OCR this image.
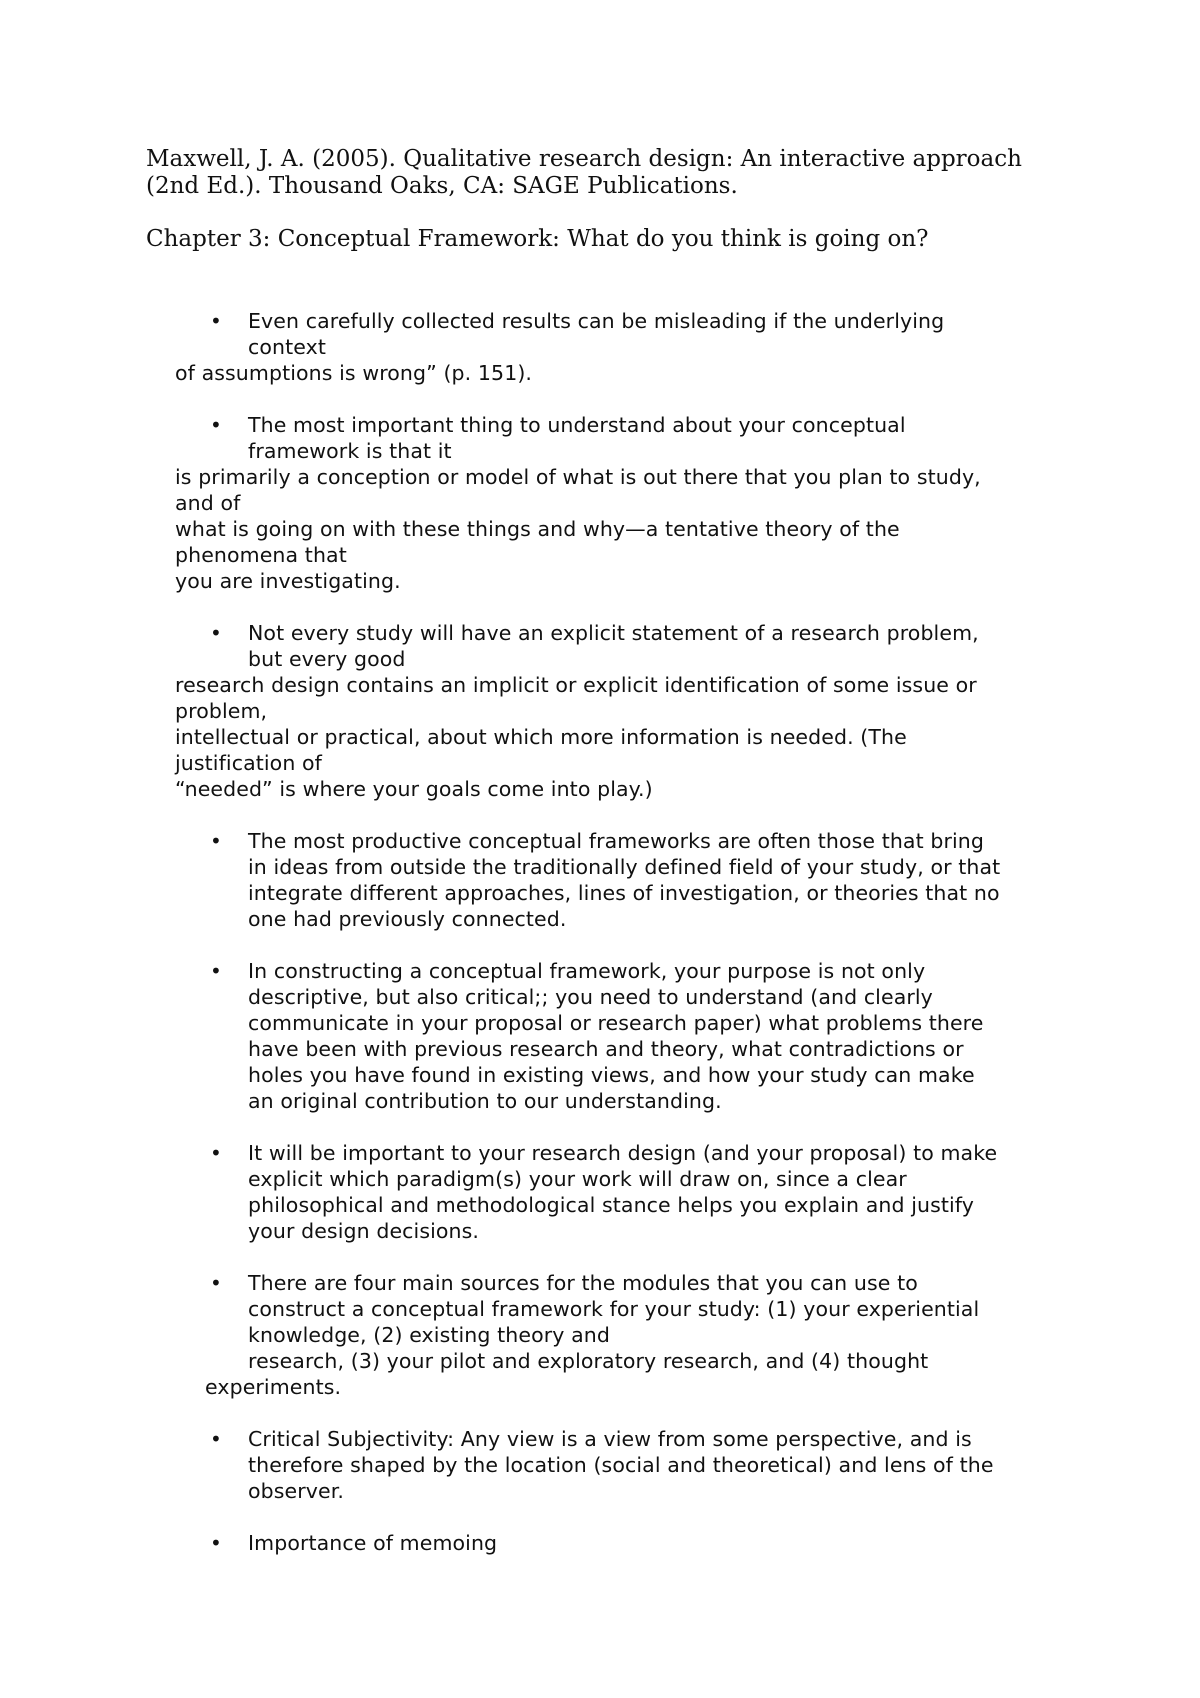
Maxwell, J. A. (2005). Qualitative research design: An interactive approach (2nd Ed.). Thousand Oaks, CA: SAGE Publications.

Chapter 3: Conceptual Framework: What do you think is going on?

• Even carefully collected results can be misleading if the underlying
context
of assumptions is wrong” (p. 151).
• The most important thing to understand about your conceptual
framework is that it
is primarily a conception or model of what is out there that you plan to study,
and of
what is going on with these things and why—a tentative theory of the
phenomena that
you are investigating.
• Not every study will have an explicit statement of a research problem,
but every good
research design contains an implicit or explicit identification of some issue or
problem,
intellectual or practical, about which more information is needed. (The
justification of
“needed” is where your goals come into play.)
• The most productive conceptual frameworks are often those that bring
in ideas from outside the traditionally defined field of your study, or that
integrate different approaches, lines of investigation, or theories that no
one had previously connected.
• In constructing a conceptual framework, your purpose is not only
descriptive, but also critical;; you need to understand (and clearly
communicate in your proposal or research paper) what problems there
have been with previous research and theory, what contradictions or
holes you have found in existing views, and how your study can make
an original contribution to our understanding.
• It will be important to your research design (and your proposal) to make
explicit which paradigm(s) your work will draw on, since a clear
philosophical and methodological stance helps you explain and justify
your design decisions.
• There are four main sources for the modules that you can use to
construct a conceptual framework for your study: (1) your experiential
knowledge, (2) existing theory and
research, (3) your pilot and exploratory research, and (4) thought
experiments.
• Critical Subjectivity: Any view is a view from some perspective, and is
therefore shaped by the location (social and theoretical) and lens of the
observer.
• Importance of memoing
